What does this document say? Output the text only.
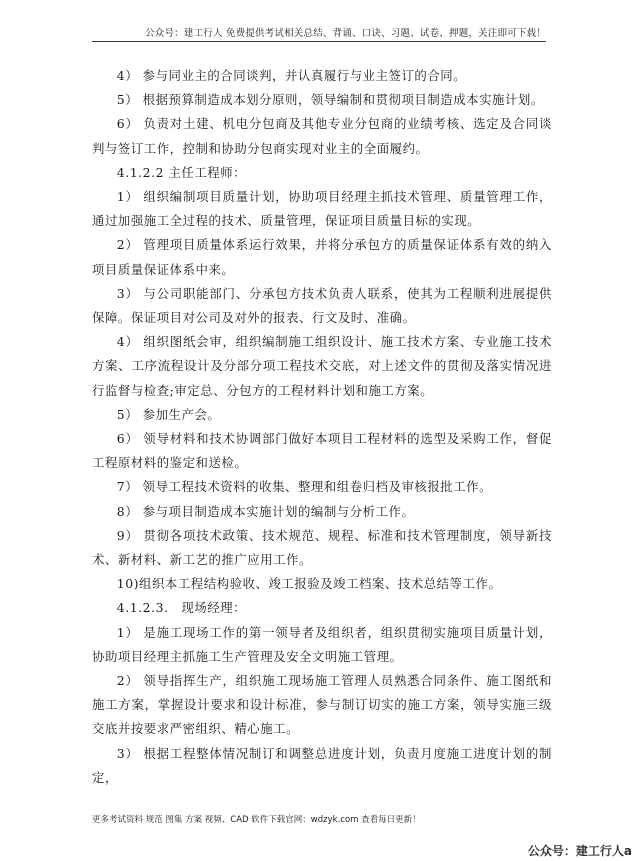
公众号：建工行人 免费提供考试相关总结、背诵、口诀、习题、试卷、押题，关注即可下载！

4） 参与同业主的合同谈判，并认真履行与业主签订的合同。

5） 根据预算制造成本划分原则，领导编制和贯彻项目制造成本实施计划。

6） 负责对土建、机电分包商及其他专业分包商的业绩考核、选定及合同谈判与签订工作，控制和协助分包商实现对业主的全面履约。

4.1.2.2 主任工程师：

1） 组织编制项目质量计划，协助项目经理主抓技术管理、质量管理工作，通过加强施工全过程的技术、质量管理，保证项目质量目标的实现。

2） 管理项目质量体系运行效果，并将分承包方的质量保证体系有效的纳入项目质量保证体系中来。

3） 与公司职能部门、分承包方技术负责人联系，使其为工程顺利进展提供保障。保证项目对公司及对外的报表、行文及时、准确。

4） 组织图纸会审，组织编制施工组织设计、施工技术方案、专业施工技术方案、工序流程设计及分部分项工程技术交底，对上述文件的贯彻及落实情况进行监督与检查;审定总、分包方的工程材料计划和施工方案。

5） 参加生产会。

6） 领导材料和技术协调部门做好本项目工程材料的选型及采购工作，督促工程原材料的鉴定和送检。

7） 领导工程技术资料的收集、整理和组卷归档及审核报批工作。

8） 参与项目制造成本实施计划的编制与分析工作。

9） 贯彻各项技术政策、技术规范、规程、标准和技术管理制度，领导新技术、新材料、新工艺的推广应用工作。

10)组织本工程结构验收、竣工报验及竣工档案、技术总结等工作。

4.1.2.3.　现场经理：

1） 是施工现场工作的第一领导者及组织者，组织贯彻实施项目质量计划，协助项目经理主抓施工生产管理及安全文明施工管理。

2） 领导指挥生产，组织施工现场施工管理人员熟悉合同条件、施工图纸和施工方案，掌握设计要求和设计标准，参与制订切实的施工方案，领导实施三级交底并按要求严密组织、精心施工。

3） 根据工程整体情况制订和调整总进度计划，负责月度施工进度计划的制定，

更多考试资料 规范 图集 方案 视频、CAD 软件下载官网：wdzyk.com 查看每日更新！
公众号：建工行人a
